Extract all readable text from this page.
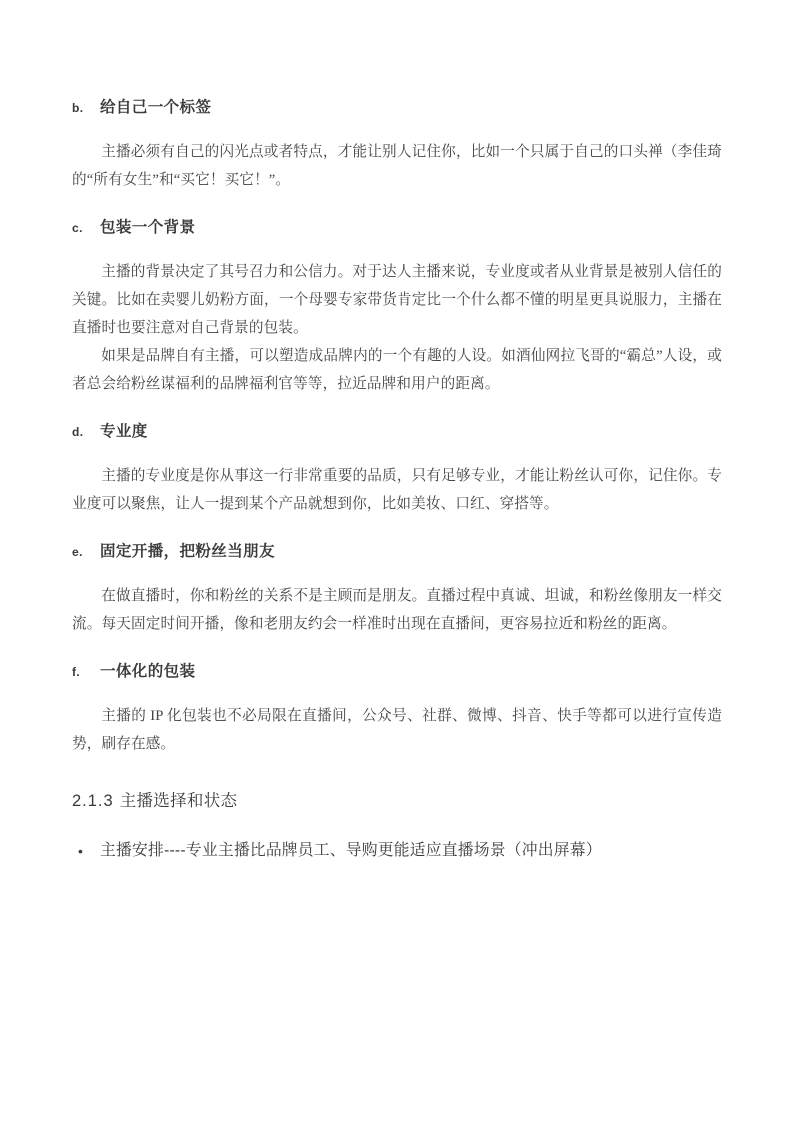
b. 给自己一个标签

主播必须有自己的闪光点或者特点，才能让别人记住你，比如一个只属于自己的口头禅（李佳琦的“所有女生”和“买它！买它！”。

c. 包装一个背景

主播的背景决定了其号召力和公信力。对于达人主播来说，专业度或者从业背景是被别人信任的关键。比如在卖婴儿奶粉方面，一个母婴专家带货肯定比一个什么都不懂的明星更具说服力，主播在直播时也要注意对自己背景的包装。

如果是品牌自有主播，可以塑造成品牌内的一个有趣的人设。如酒仙网拉飞哥的“霸总”人设，或者总会给粉丝谋福利的品牌福利官等等，拉近品牌和用户的距离。

d. 专业度

主播的专业度是你从事这一行非常重要的品质，只有足够专业，才能让粉丝认可你，记住你。专业度可以聚焦，让人一提到某个产品就想到你，比如美妆、口红、穿搭等。

e. 固定开播，把粉丝当朋友

在做直播时，你和粉丝的关系不是主顾而是朋友。直播过程中真诚、坦诚，和粉丝像朋友一样交流。每天固定时间开播，像和老朋友约会一样准时出现在直播间，更容易拉近和粉丝的距离。

f. 一体化的包装

主播的 IP 化包装也不必局限在直播间，公众号、社群、微博、抖音、快手等都可以进行宣传造势，刷存在感。

2.1.3 主播选择和状态
• 主播安排----专业主播比品牌员工、导购更能适应直播场景（冲出屏幕）
